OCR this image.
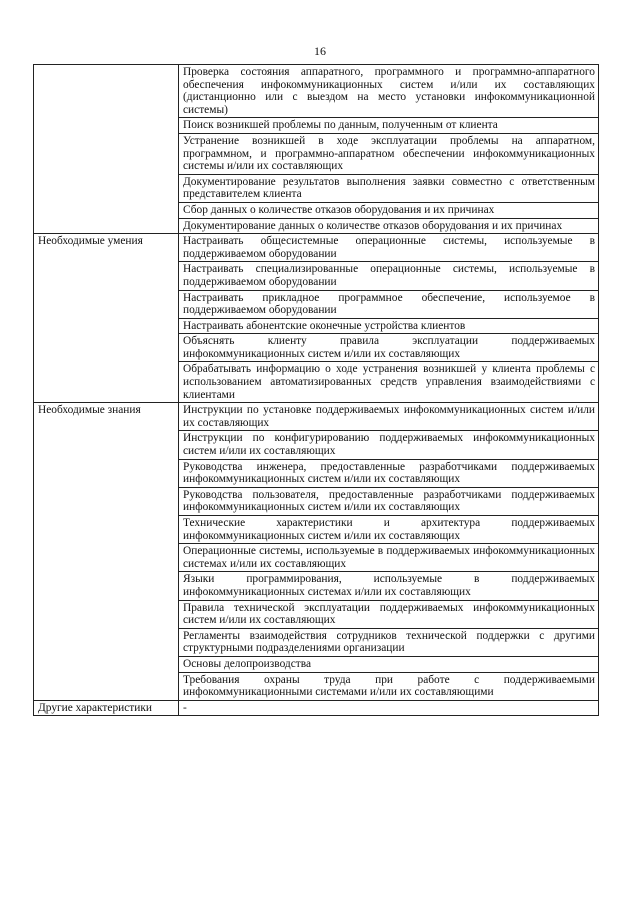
16
	Проверка состояния аппаратного, программного и программно-аппаратного обеспечения инфокоммуникационных систем и/или их составляющих (дистанционно или с выездом на место установки инфокоммуникационной системы)
	Поиск возникшей проблемы по данным, полученным от клиента
	Устранение возникшей в ходе эксплуатации проблемы на аппаратном, программном, и программно-аппаратном обеспечении инфокоммуникационных системы и/или их составляющих
	Документирование результатов выполнения заявки совместно с ответственным представителем клиента
	Сбор данных о количестве отказов оборудования и их причинах
	Документирование данных о количестве отказов оборудования и их причинах
Необходимые умения	Настраивать общесистемные операционные системы, используемые в поддерживаемом оборудовании
	Настраивать специализированные операционные системы, используемые в поддерживаемом оборудовании
	Настраивать прикладное программное обеспечение, используемое в поддерживаемом оборудовании
	Настраивать абонентские оконечные устройства клиентов
	Объяснять клиенту правила эксплуатации поддерживаемых инфокоммуникационных систем и/или их составляющих
	Обрабатывать информацию о ходе устранения возникшей у клиента проблемы с использованием автоматизированных средств управления взаимодействиями с клиентами
Необходимые знания	Инструкции по установке поддерживаемых инфокоммуникационных систем и/или их составляющих
	Инструкции по конфигурированию поддерживаемых инфокоммуникационных систем и/или их составляющих
	Руководства инженера, предоставленные разработчиками поддерживаемых инфокоммуникационных систем и/или их составляющих
	Руководства пользователя, предоставленные разработчиками поддерживаемых инфокоммуникационных систем и/или их составляющих
	Технические характеристики и архитектура поддерживаемых инфокоммуникационных систем и/или их составляющих
	Операционные системы, используемые в поддерживаемых инфокоммуникационных системах и/или их составляющих
	Языки программирования, используемые в поддерживаемых инфокоммуникационных системах и/или их составляющих
	Правила технической эксплуатации поддерживаемых инфокоммуникационных систем и/или их составляющих
	Регламенты взаимодействия сотрудников технической поддержки с другими структурными подразделениями организации
	Основы делопроизводства
	Требования охраны труда при работе с поддерживаемыми инфокоммуникационными системами и/или их составляющими
Другие характеристики	-
